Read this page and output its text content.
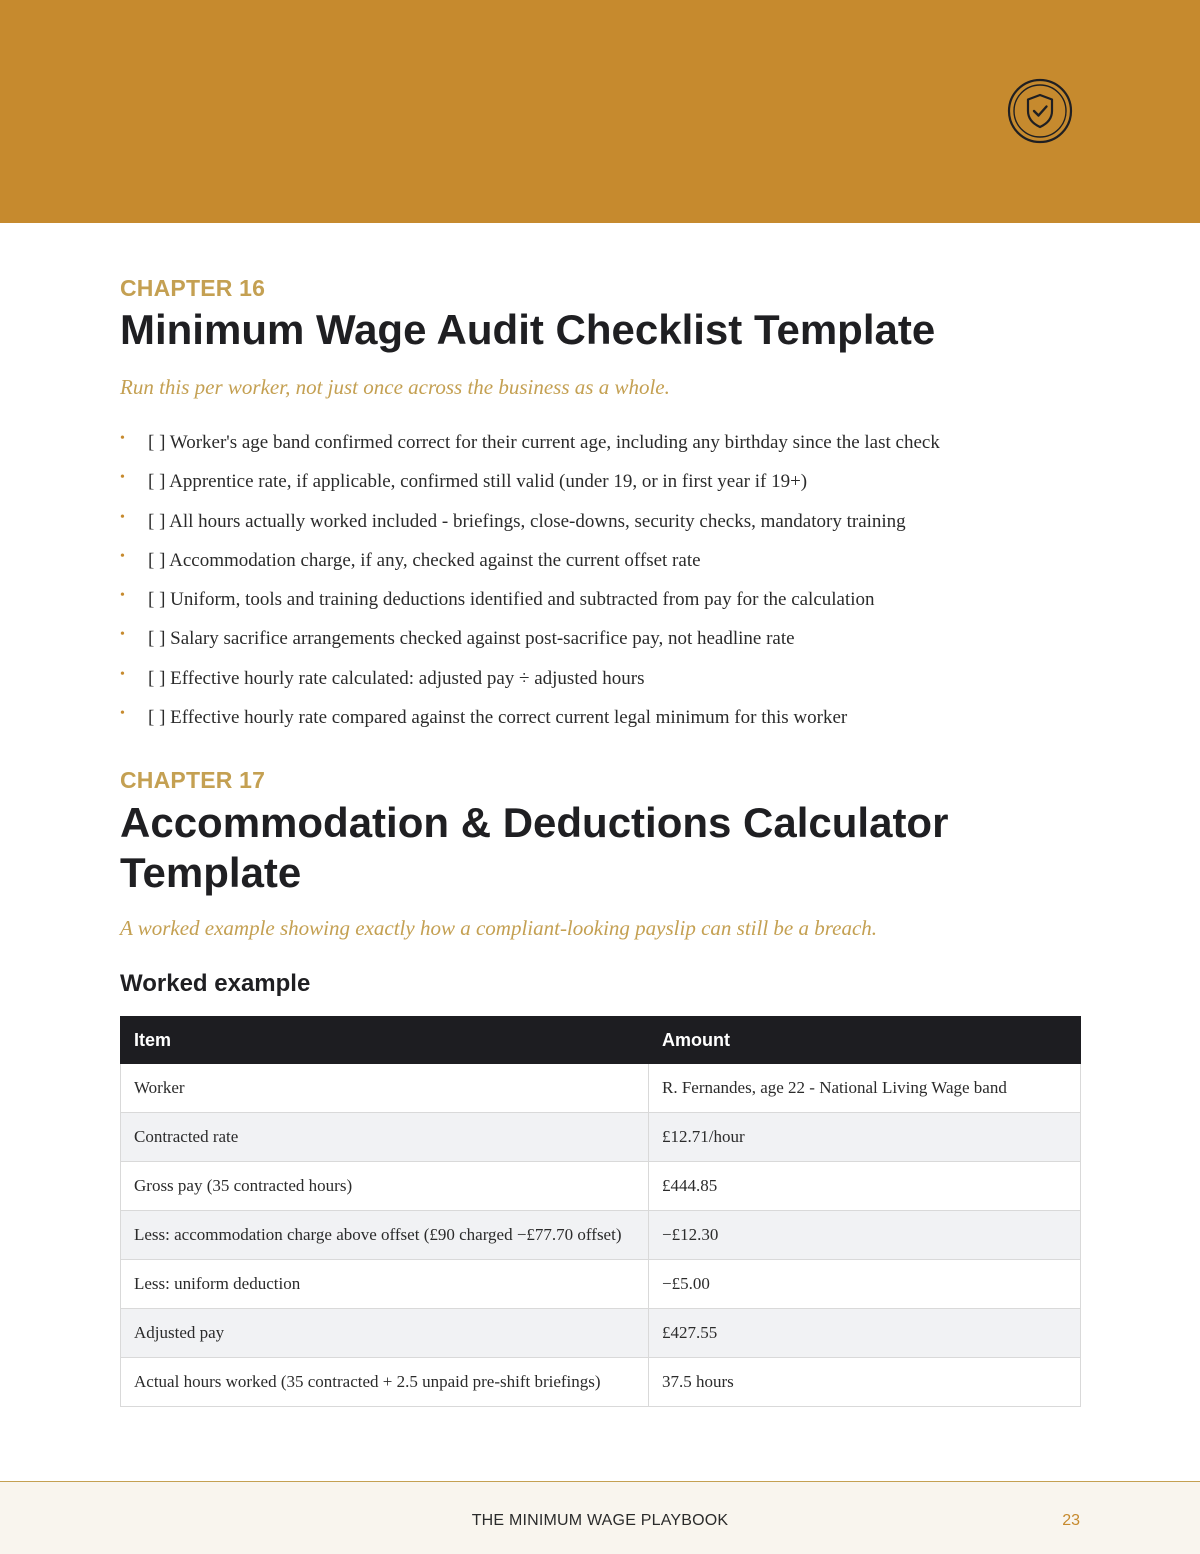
CHAPTER 16
Minimum Wage Audit Checklist Template
Run this per worker, not just once across the business as a whole.
• [ ] Worker's age band confirmed correct for their current age, including any birthday since the last check
• [ ] Apprentice rate, if applicable, confirmed still valid (under 19, or in first year if 19+)
• [ ] All hours actually worked included - briefings, close-downs, security checks, mandatory training
• [ ] Accommodation charge, if any, checked against the current offset rate
• [ ] Uniform, tools and training deductions identified and subtracted from pay for the calculation
• [ ] Salary sacrifice arrangements checked against post-sacrifice pay, not headline rate
• [ ] Effective hourly rate calculated: adjusted pay ÷ adjusted hours
• [ ] Effective hourly rate compared against the correct current legal minimum for this worker
CHAPTER 17
Accommodation & Deductions Calculator Template
A worked example showing exactly how a compliant-looking payslip can still be a breach.
Worked example
Item	Amount
Worker	R. Fernandes, age 22 - National Living Wage band
Contracted rate	£12.71/hour
Gross pay (35 contracted hours)	£444.85
Less: accommodation charge above offset (£90 charged −£77.70 offset)	−£12.30
Less: uniform deduction	−£5.00
Adjusted pay	£427.55
Actual hours worked (35 contracted + 2.5 unpaid pre-shift briefings)	37.5 hours
THE MINIMUM WAGE PLAYBOOK	23
